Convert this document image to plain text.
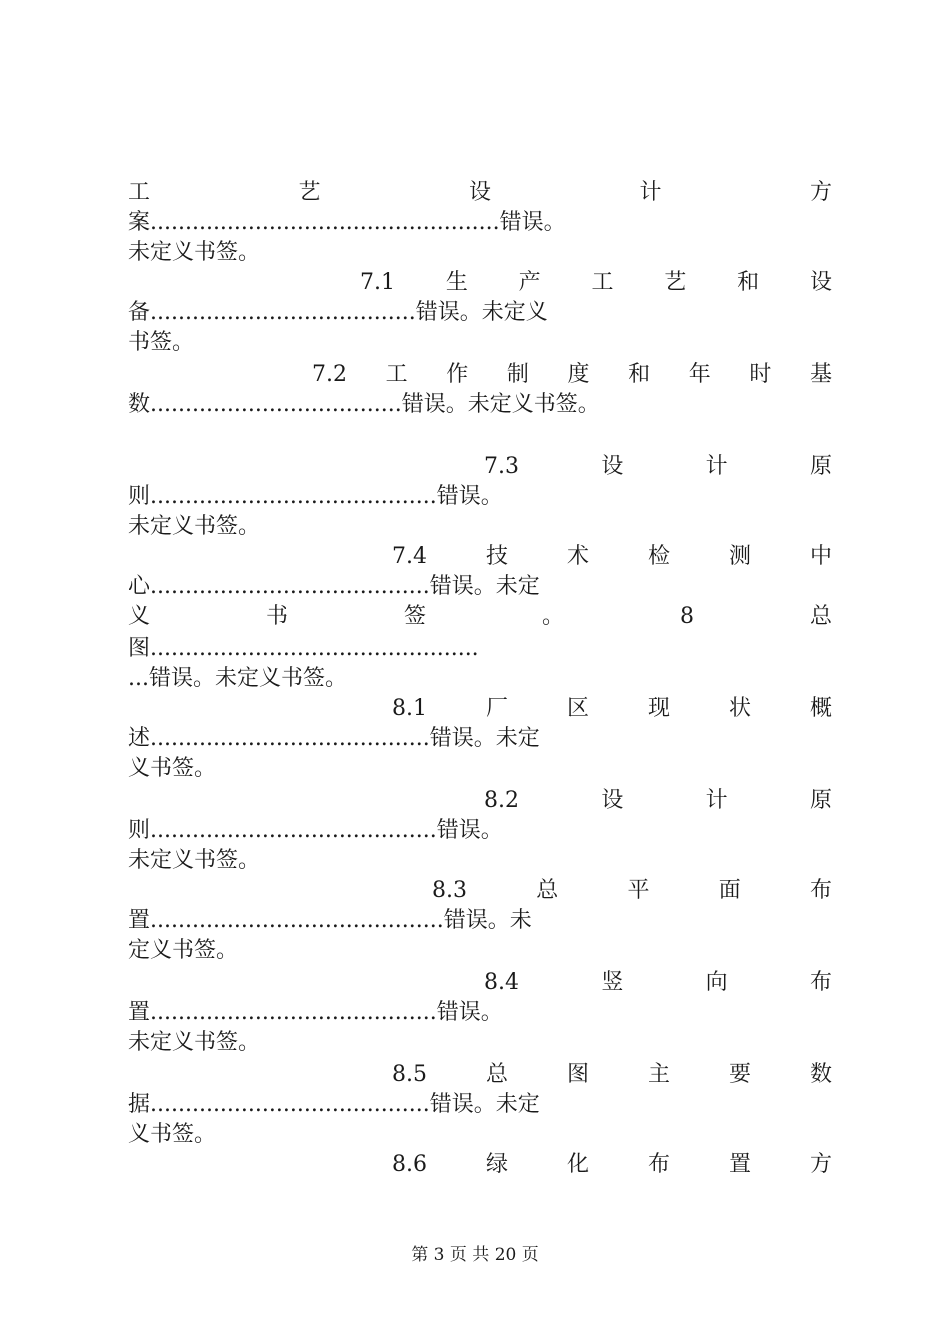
工	艺	设	计	方
案..................................................错误。
未定义书签。
7.1 生 产 工 艺 和 设
备......................................错误。未定义
书签。
7.2 工 作 制 度 和 年 时 基
数....................................错误。未定义书签。
7.3	设	计	原
则.........................................错误。
未定义书签。
7.4	技	术	检	测	中
心........................................错误。未定
义	书	签	。	8	总
图...............................................
...错误。未定义书签。
8.1	厂	区	现	状	概
述........................................错误。未定
义书签。
8.2	设	计	原
则.........................................错误。
未定义书签。
8.3	总	平	面	布
置..........................................错误。未
定义书签。
8.4	竖	向	布
置.........................................错误。
未定义书签。
8.5	总	图	主	要	数
据........................................错误。未定
义书签。
8.6	绿	化	布	置	方
第 3 页 共 20 页
